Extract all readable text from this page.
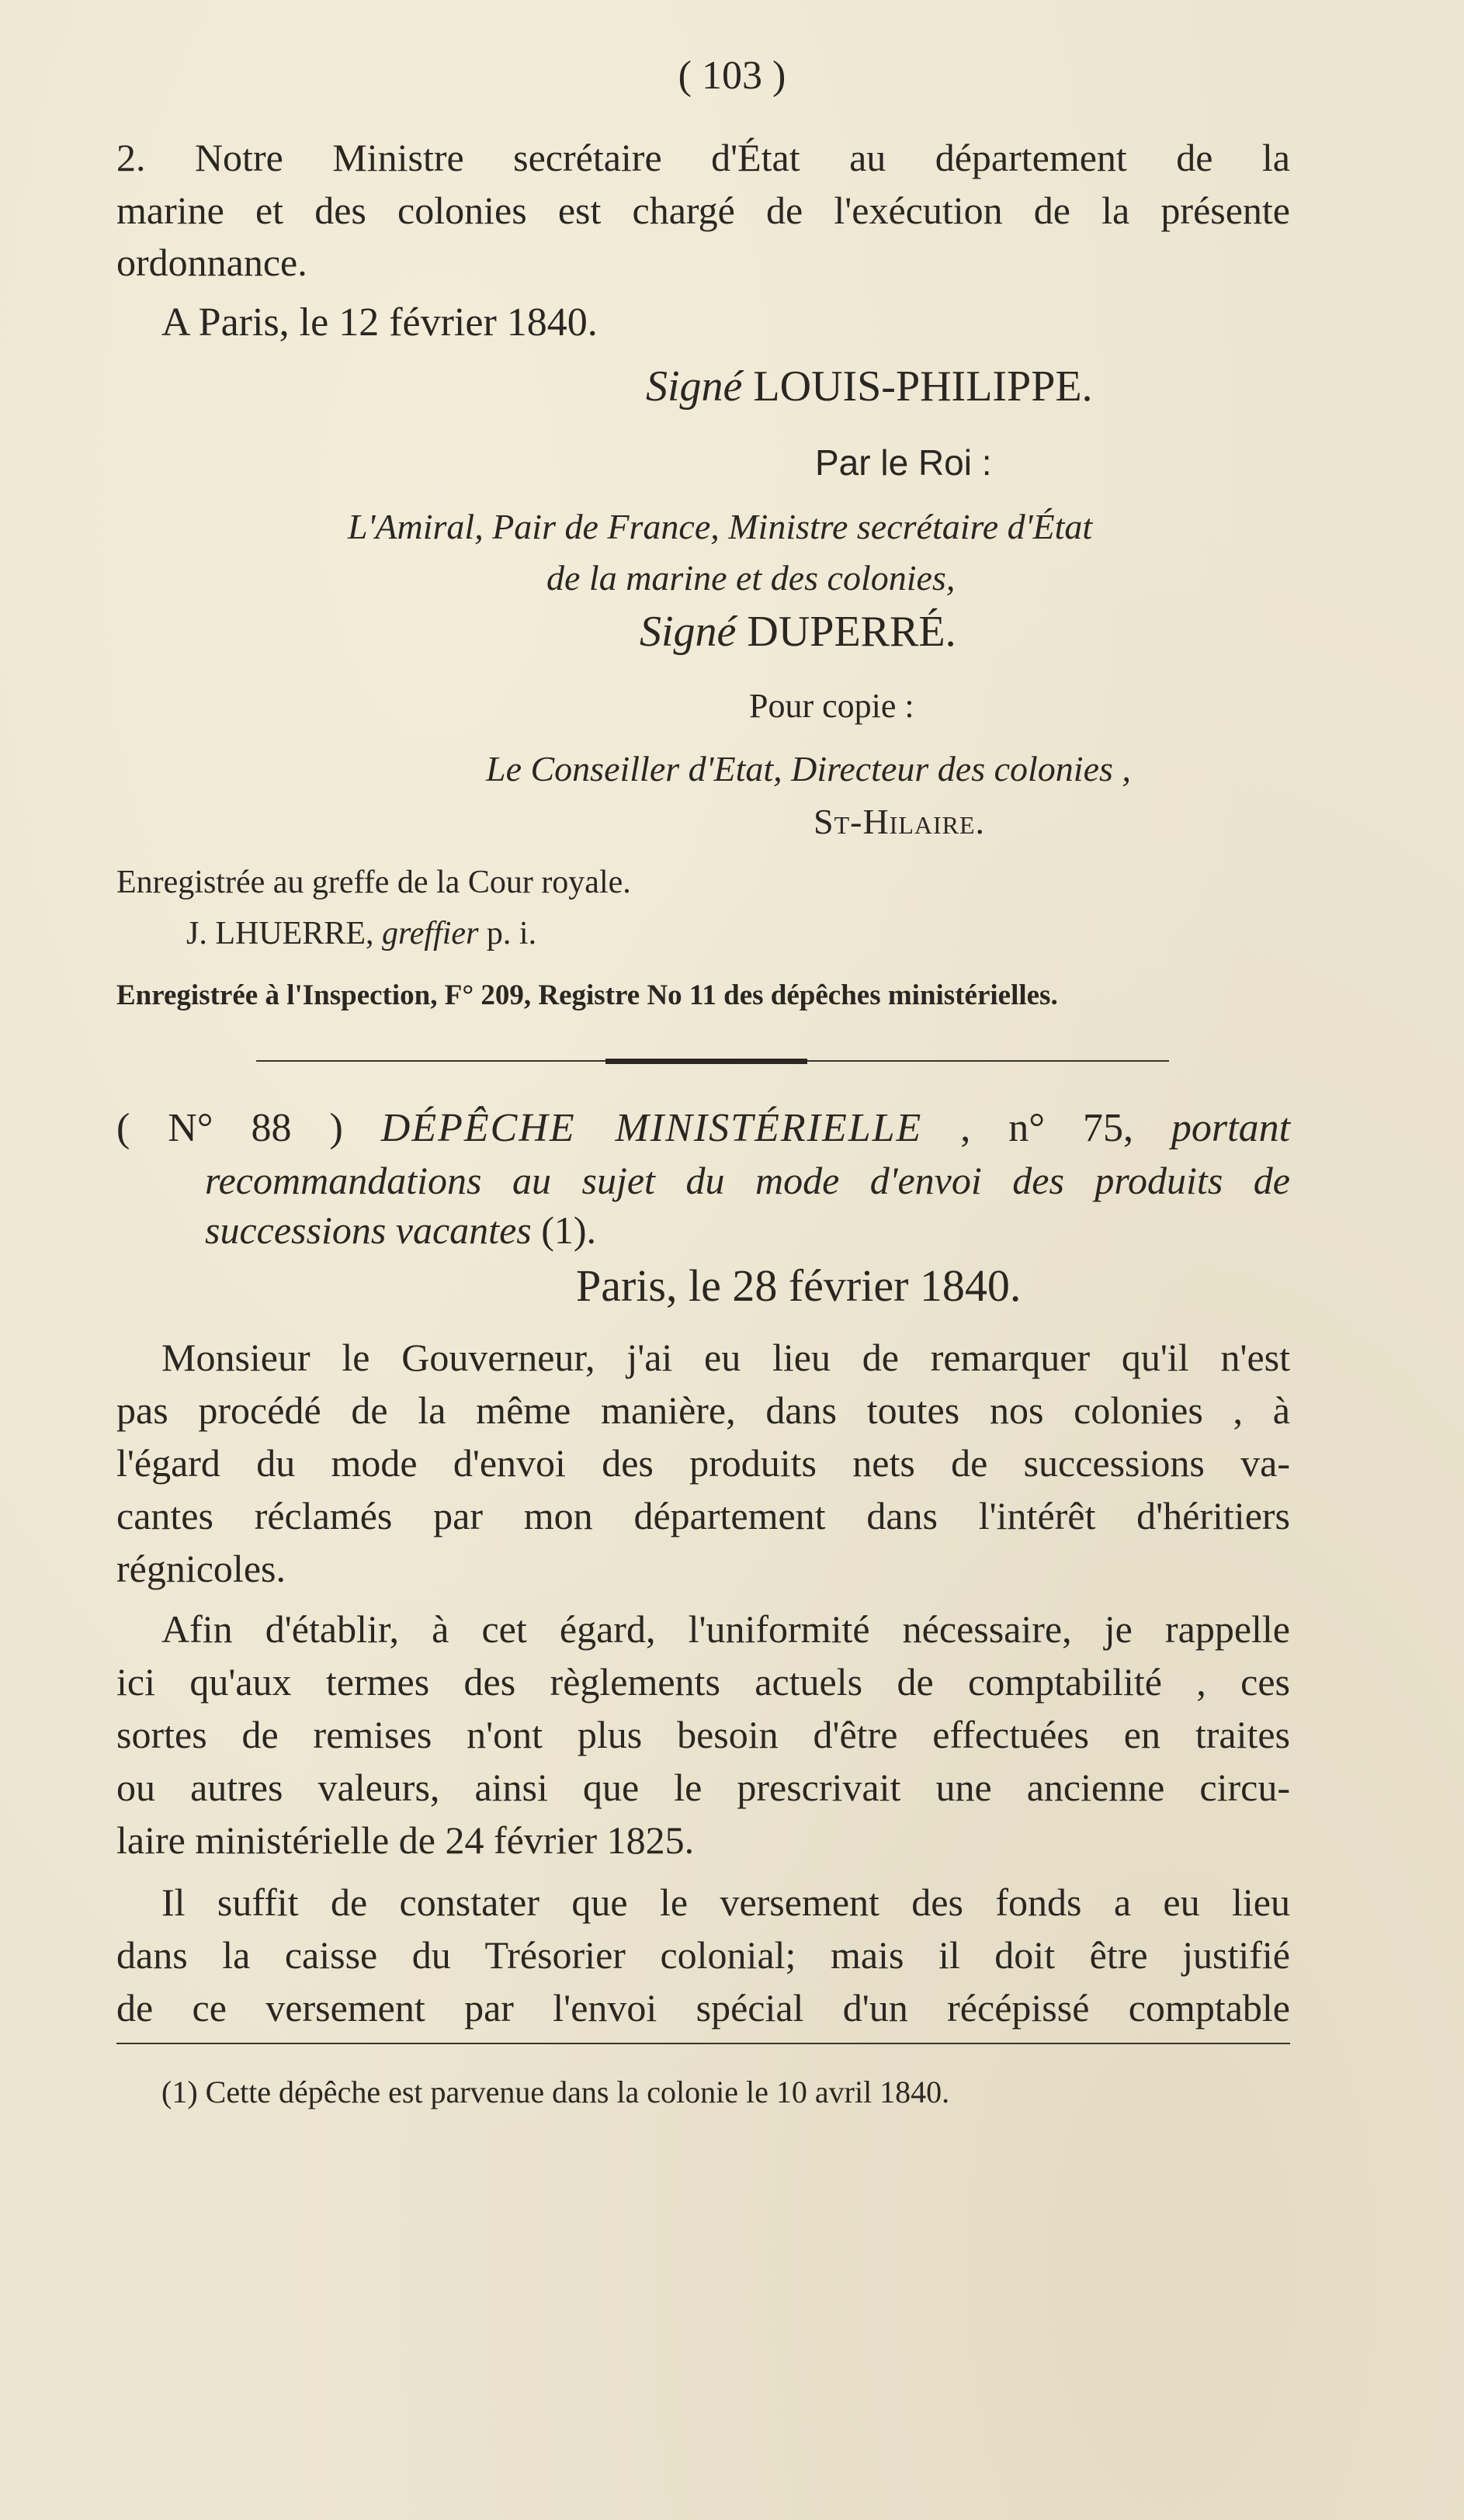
( 103 )
2. Notre Ministre secrétaire d'État au département de la
marine et des colonies est chargé de l'exécution de la présente
ordonnance.
A Paris, le 12 février 1840.
Signé LOUIS-PHILIPPE.
Par le Roi :
L'Amiral, Pair de France, Ministre secrétaire d'État
de la marine et des colonies,
Signé DUPERRÉ.
Pour copie :
Le Conseiller d'Etat, Directeur des colonies ,
St-Hilaire.
Enregistrée au greffe de la Cour royale.
J. LHUERRE, greffier p. i.
Enregistrée à l'Inspection, F° 209, Registre No 11 des dépêches ministérielles.
( N° 88 ) DÉPÊCHE MINISTÉRIELLE , n° 75, portant
recommandations au sujet du mode d'envoi des produits de
successions vacantes (1).
Paris, le 28 février 1840.
Monsieur le Gouverneur, j'ai eu lieu de remarquer qu'il n'est
pas procédé de la même manière, dans toutes nos colonies , à
l'égard du mode d'envoi des produits nets de successions va-
cantes réclamés par mon département dans l'intérêt d'héritiers
régnicoles.
Afin d'établir, à cet égard, l'uniformité nécessaire, je rappelle
ici qu'aux termes des règlements actuels de comptabilité , ces
sortes de remises n'ont plus besoin d'être effectuées en traites
ou autres valeurs, ainsi que le prescrivait une ancienne circu-
laire ministérielle de 24 février 1825.
Il suffit de constater que le versement des fonds a eu lieu
dans la caisse du Trésorier colonial; mais il doit être justifié
de ce versement par l'envoi spécial d'un récépissé comptable
(1) Cette dépêche est parvenue dans la colonie le 10 avril 1840.
